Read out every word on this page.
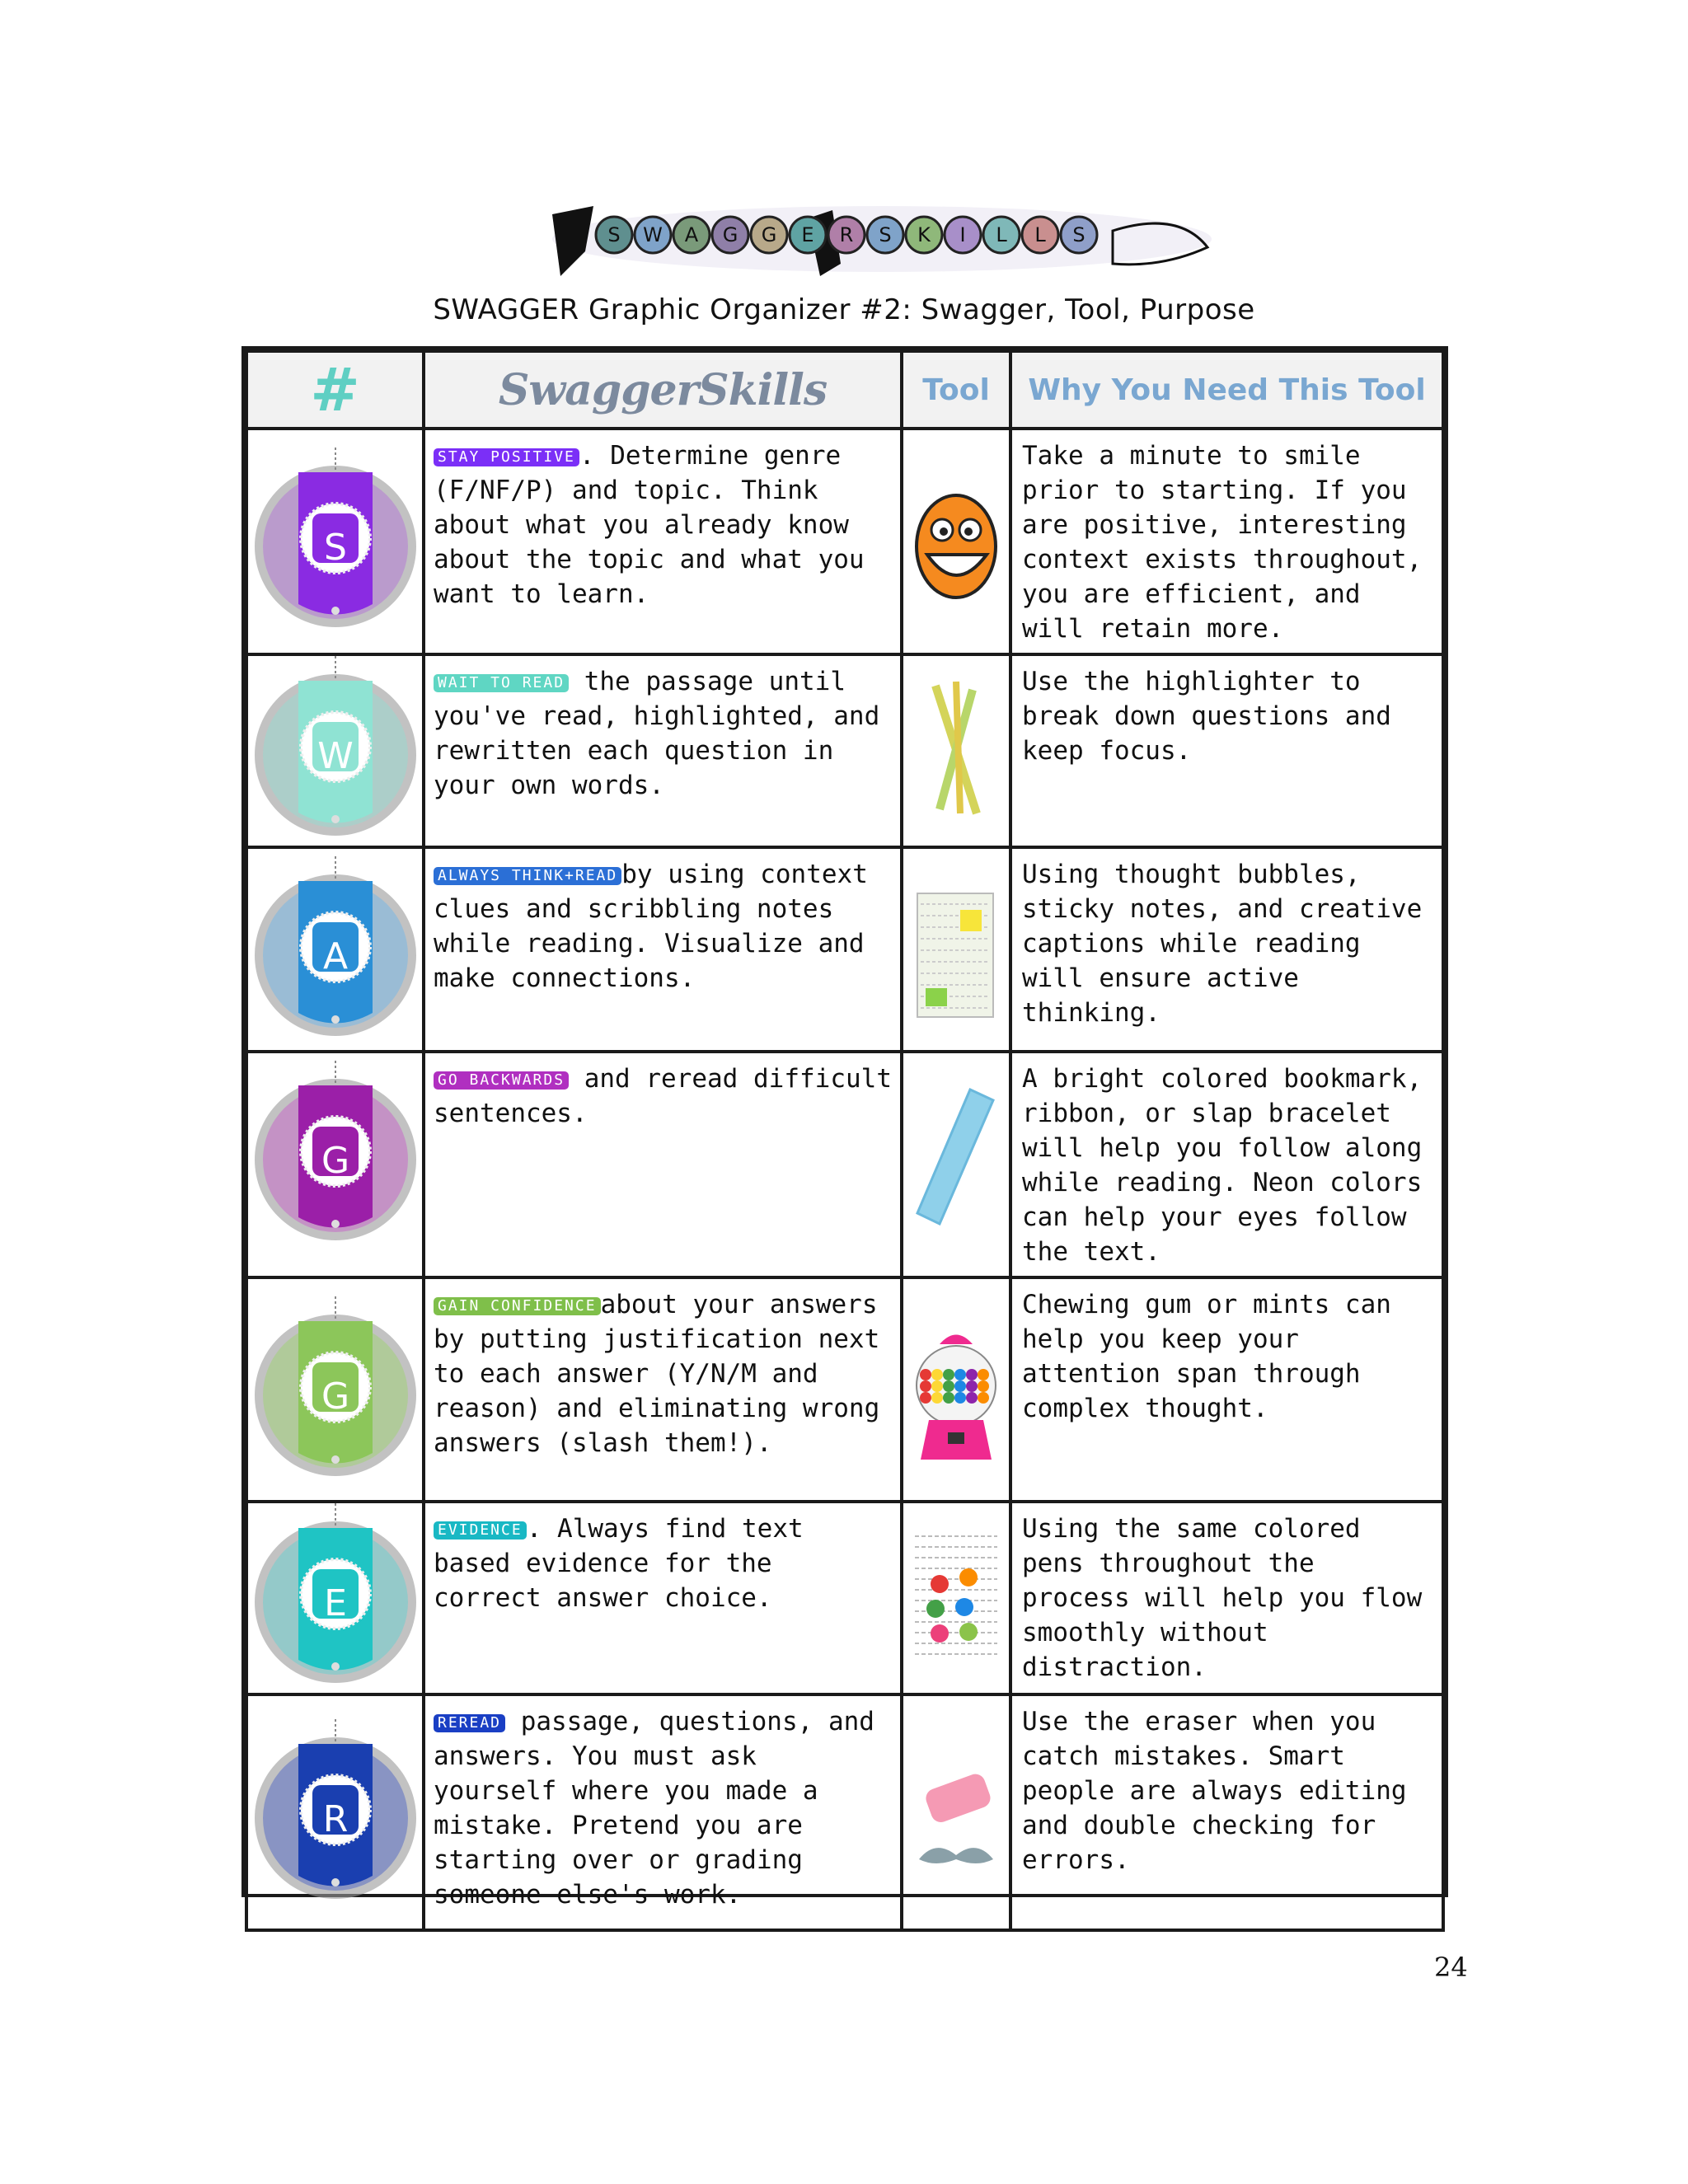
S W A G G E R S K I L L S
SWAGGER Graphic Organizer #2: Swagger, Tool, Purpose
#	SwaggerSkills	Tool	Why You Need This Tool

S	STAY POSITIVE . Determine genre (F/NF/P) and topic. Think about what you already know about the topic and what you want to learn.		Take a minute to smile prior to starting. If you are positive, interesting context exists throughout, you are efficient, and will retain more.

W	WAIT TO READ the passage until you've read, highlighted, and rewritten each question in your own words.		Use the highlighter to break down questions and keep focus.

A	ALWAYS THINK+READ by using context clues and scribbling notes while reading. Visualize and make connections.		Using thought bubbles, sticky notes, and creative captions while reading will ensure active thinking.

G	GO BACKWARDS and reread difficult sentences.		A bright colored bookmark, ribbon, or slap bracelet will help you follow along while reading. Neon colors can help your eyes follow the text.

G	GAIN CONFIDENCE about your answers by putting justification next to each answer (Y/N/M and reason) and eliminating wrong answers (slash them!).		Chewing gum or mints can help you keep your attention span through complex thought.

E	EVIDENCE . Always find text based evidence for the correct answer choice.		Using the same colored pens throughout the process will help you flow smoothly without distraction.

R	REREAD passage, questions, and answers. You must ask yourself where you made a mistake. Pretend you are starting over or grading someone else's work.		Use the eraser when you catch mistakes. Smart people are always editing and double checking for errors.
24
